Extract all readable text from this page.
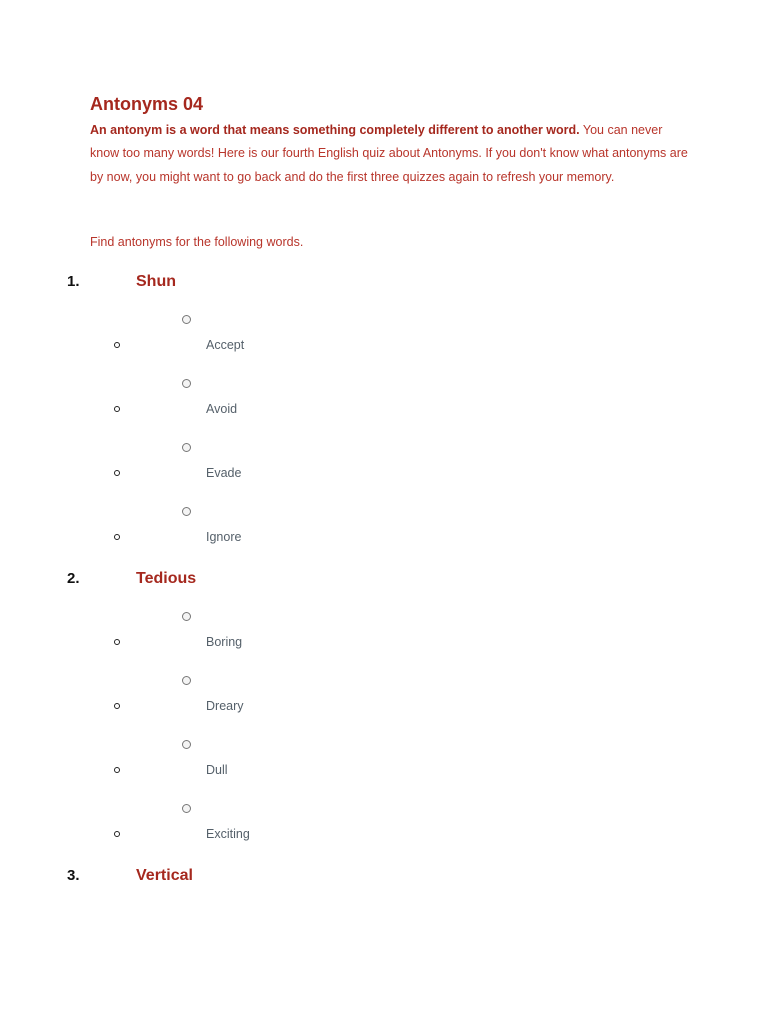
Antonyms 04

An antonym is a word that means something completely different to another word. You can never know too many words! Here is our fourth English quiz about Antonyms. If you don't know what antonyms are by now, you might want to go back and do the first three quizzes again to refresh your memory.

Find antonyms for the following words.

1.	Shun
Accept
Avoid
Evade
Ignore
2.	Tedious
Boring
Dreary
Dull
Exciting
3.	Vertical
